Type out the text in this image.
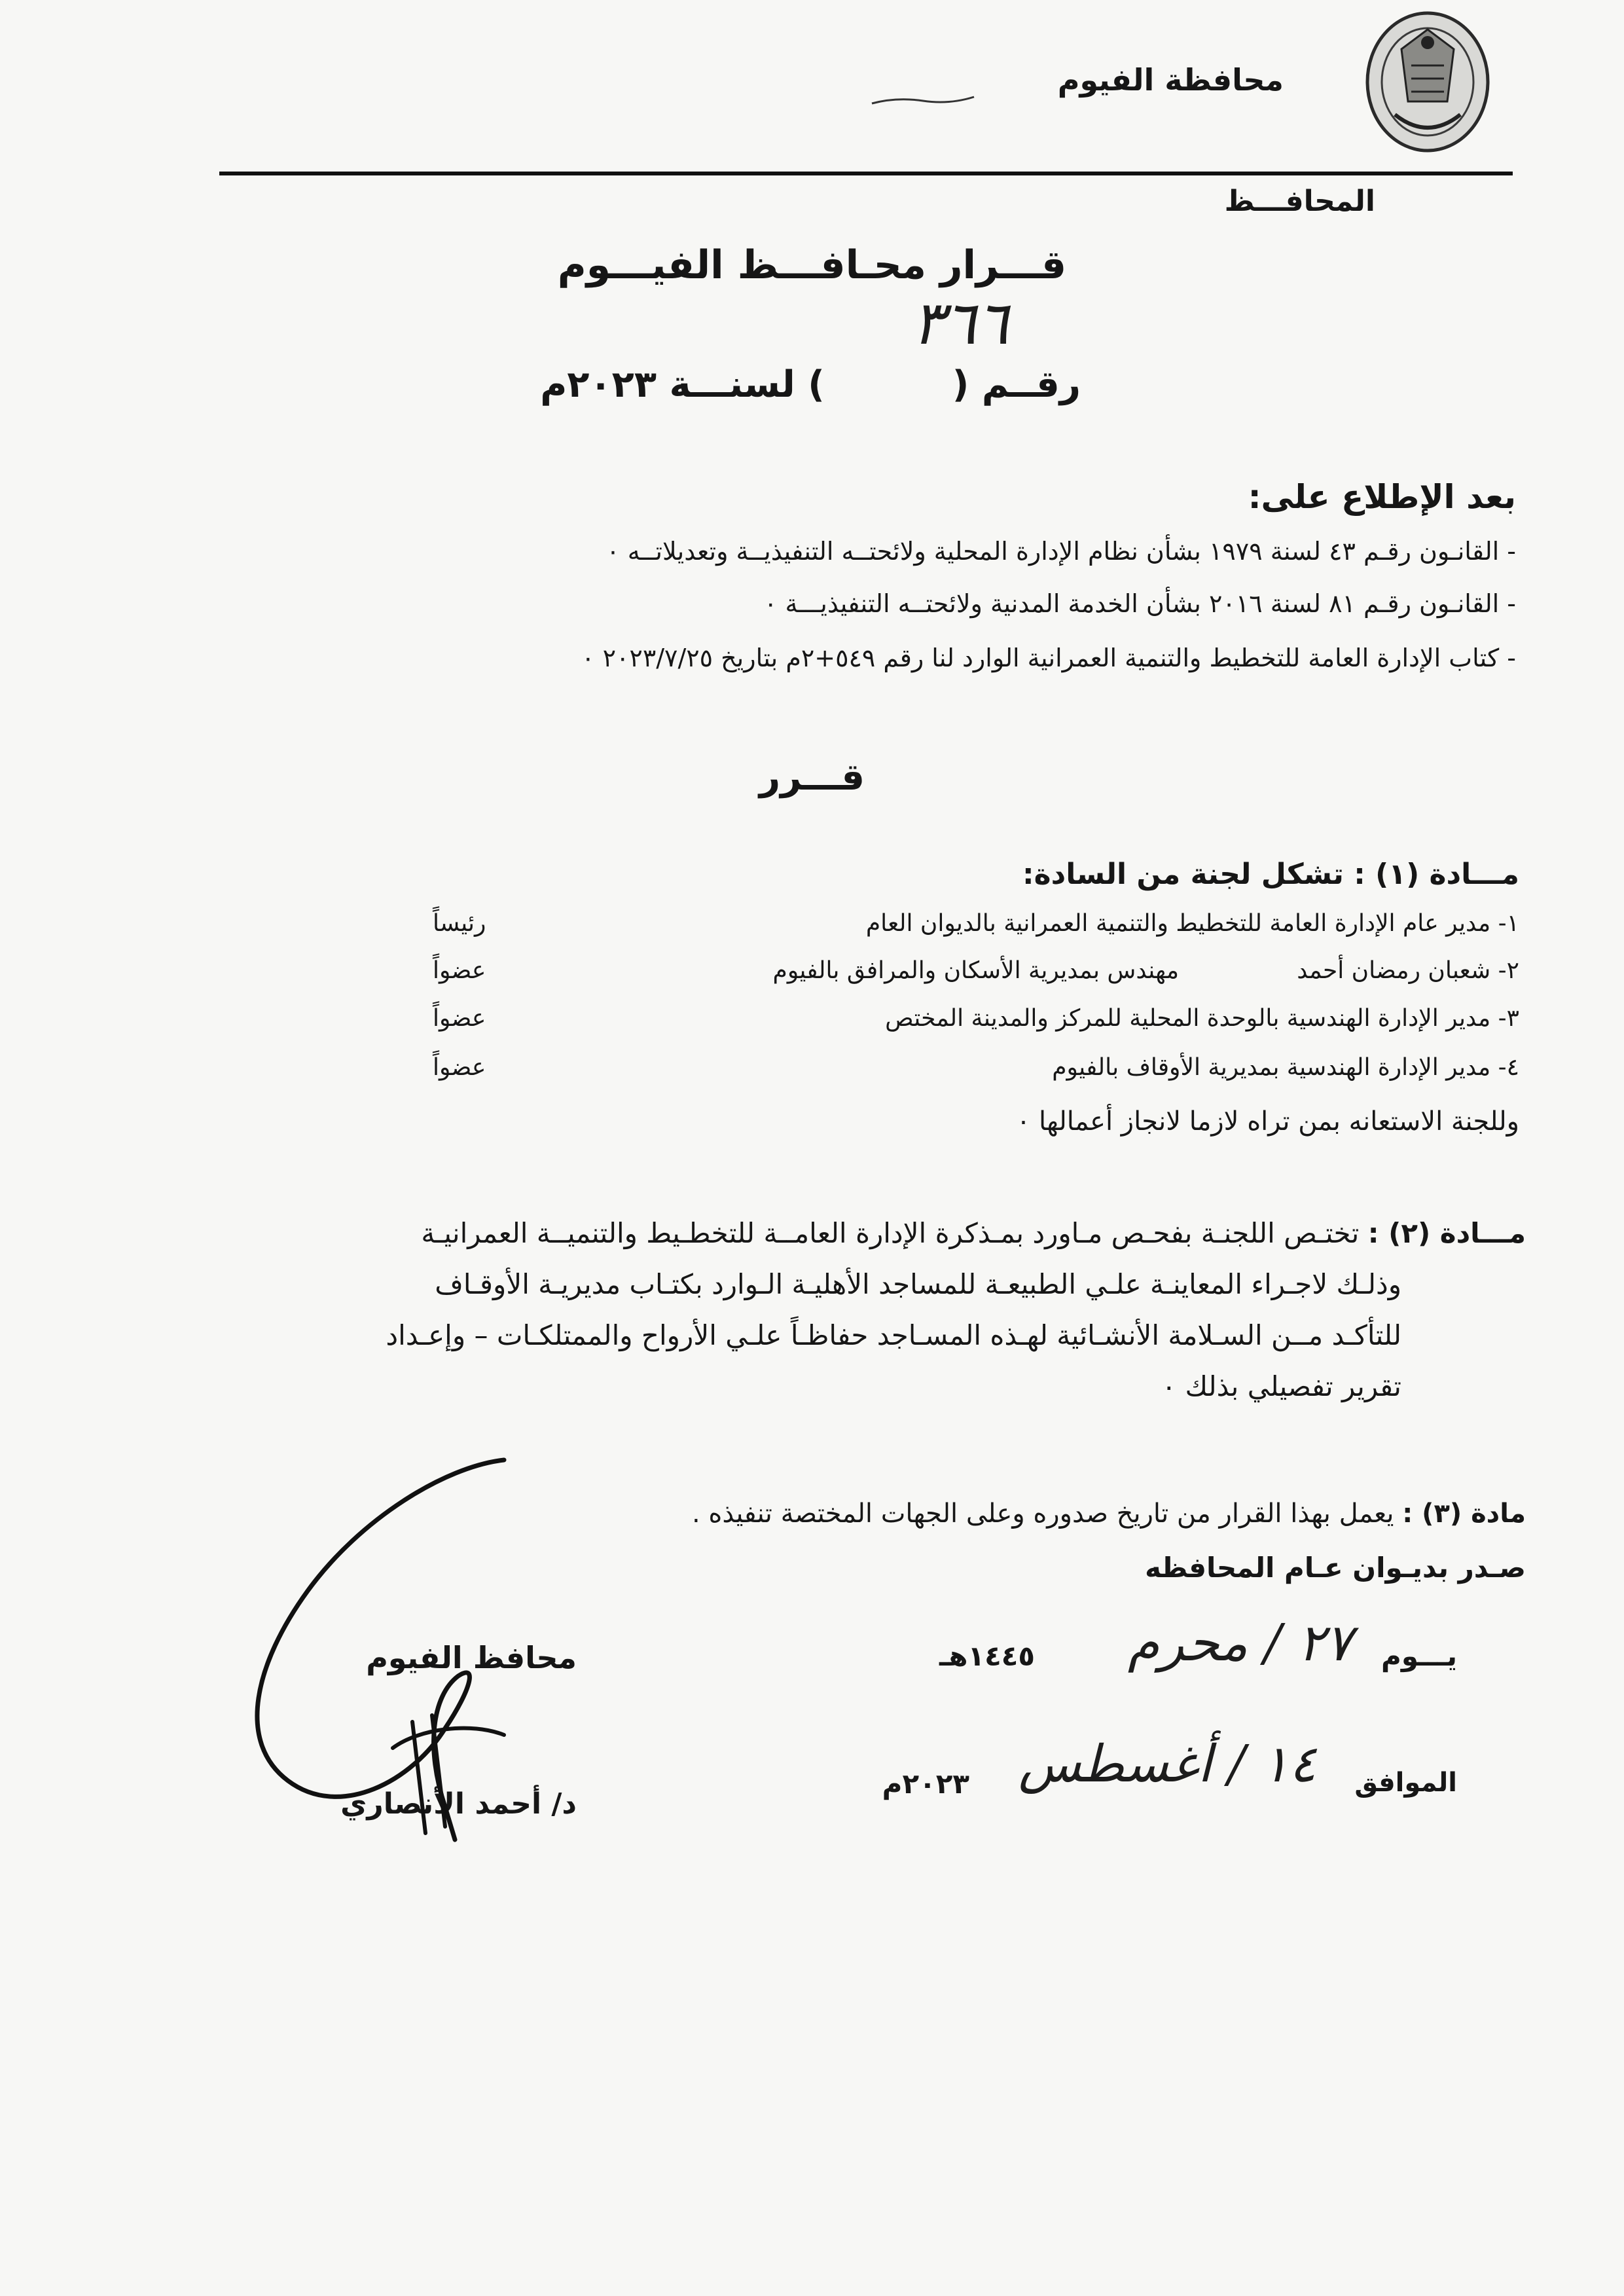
محافظة الفيوم
المحافـــظ
قـــرار محـافـــظ الفيـــوم
٣٦٦
رقــم (          ) لسنـــة ٢٠٢٣م
بعد الإطلاع على:
- القانـون رقـم ٤٣ لسنة ١٩٧٩ بشأن نظام الإدارة المحلية ولائحتــه التنفيذيــة وتعديلاتــه ٠
- القانـون رقـم ٨١ لسنة ٢٠١٦ بشأن الخدمة المدنية ولائحتــه التنفيذيـــة ٠
- كتاب الإدارة العامة للتخطيط والتنمية العمرانية الوارد لنا رقم ٥٤٩+٢م بتاريخ ٢٠٢٣/٧/٢٥ ٠
قـــرر
مـــادة (١) : تشكل لجنة من السادة:
١- مدير عام الإدارة العامة للتخطيط والتنمية العمرانية بالديوان العام
رئيساً
٢- شعبان رمضان أحمد
مهندس بمديرية الأسكان والمرافق بالفيوم
عضواً
٣- مدير الإدارة الهندسية بالوحدة المحلية للمركز والمدينة المختص
عضواً
٤- مدير الإدارة الهندسية بمديرية الأوقاف بالفيوم
عضواً
وللجنة الاستعانه بمن تراه لازما لانجاز أعمالها ٠
مـــادة (٢) : تختـص اللجنـة بفحـص مـاورد بمـذكرة الإدارة العامــة للتخطـيط والتنميــة العمرانيـة
وذلـك لاجـراء المعاينـة علـي الطبيعـة للمساجد الأهليـة الـوارد بكتـاب مديريـة الأوقـاف
للتأكـد مــن السـلامة الأنشـائية لهـذه المسـاجد حفاظـاً علـي الأرواح والممتلكـات – وإعـداد
تقرير تفصيلي بذلك ٠
مادة (٣) : يعمل بهذا القرار من تاريخ صدوره وعلى الجهات المختصة تنفيذه .
صـدر بديـوان عـام المحافظه
يـــوم
٢٧ / محرم
١٤٤٥هـ
الموافق
١٤ / أغسطس
٢٠٢٣م
محافظ الفيوم
د/ أحمد الأنصاري
